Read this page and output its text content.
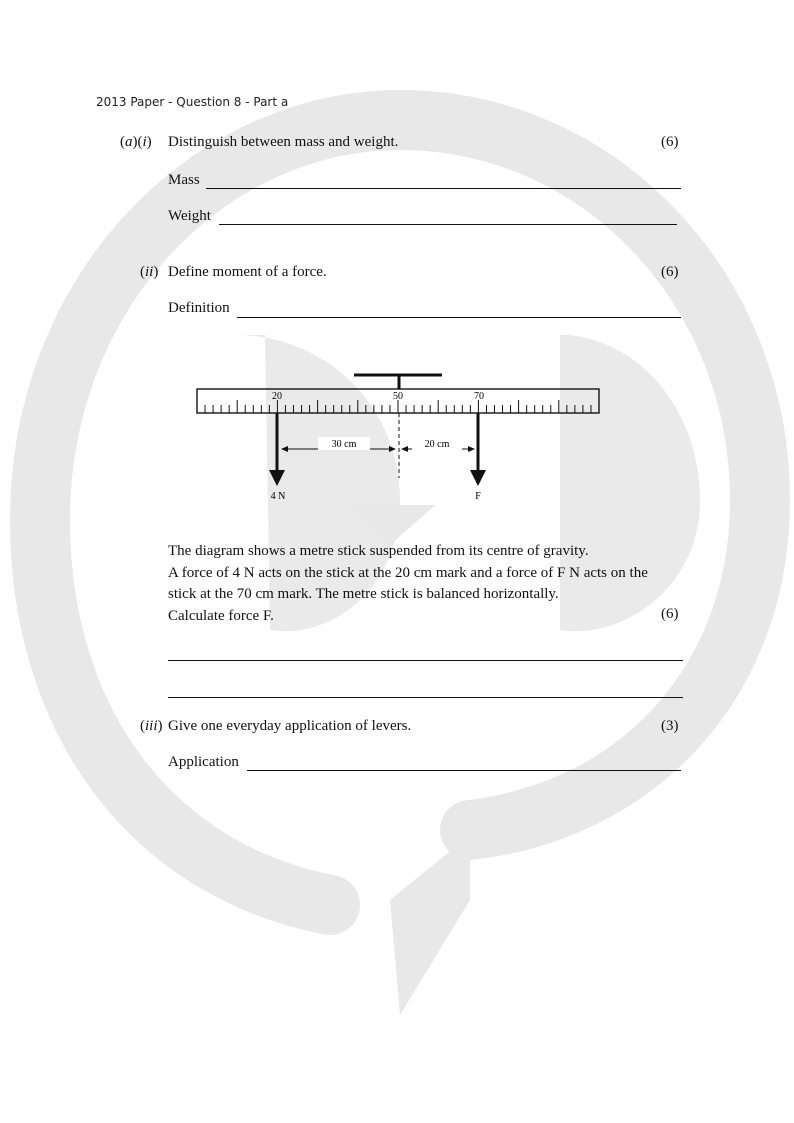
2013 Paper - Question 8 - Part a
(a)(i) Distinguish between mass and weight.	(6)
Mass
Weight
(ii) Define moment of a force.	(6)
Definition
20	50	70
30 cm	20 cm
4 N	F
The diagram shows a metre stick suspended from its centre of gravity.
A force of 4 N acts on the stick at the 20 cm mark and a force of F N acts on the
stick at the 70 cm mark. The metre stick is balanced horizontally.
Calculate force F.	(6)
(iii) Give one everyday application of levers.	(3)
Application
